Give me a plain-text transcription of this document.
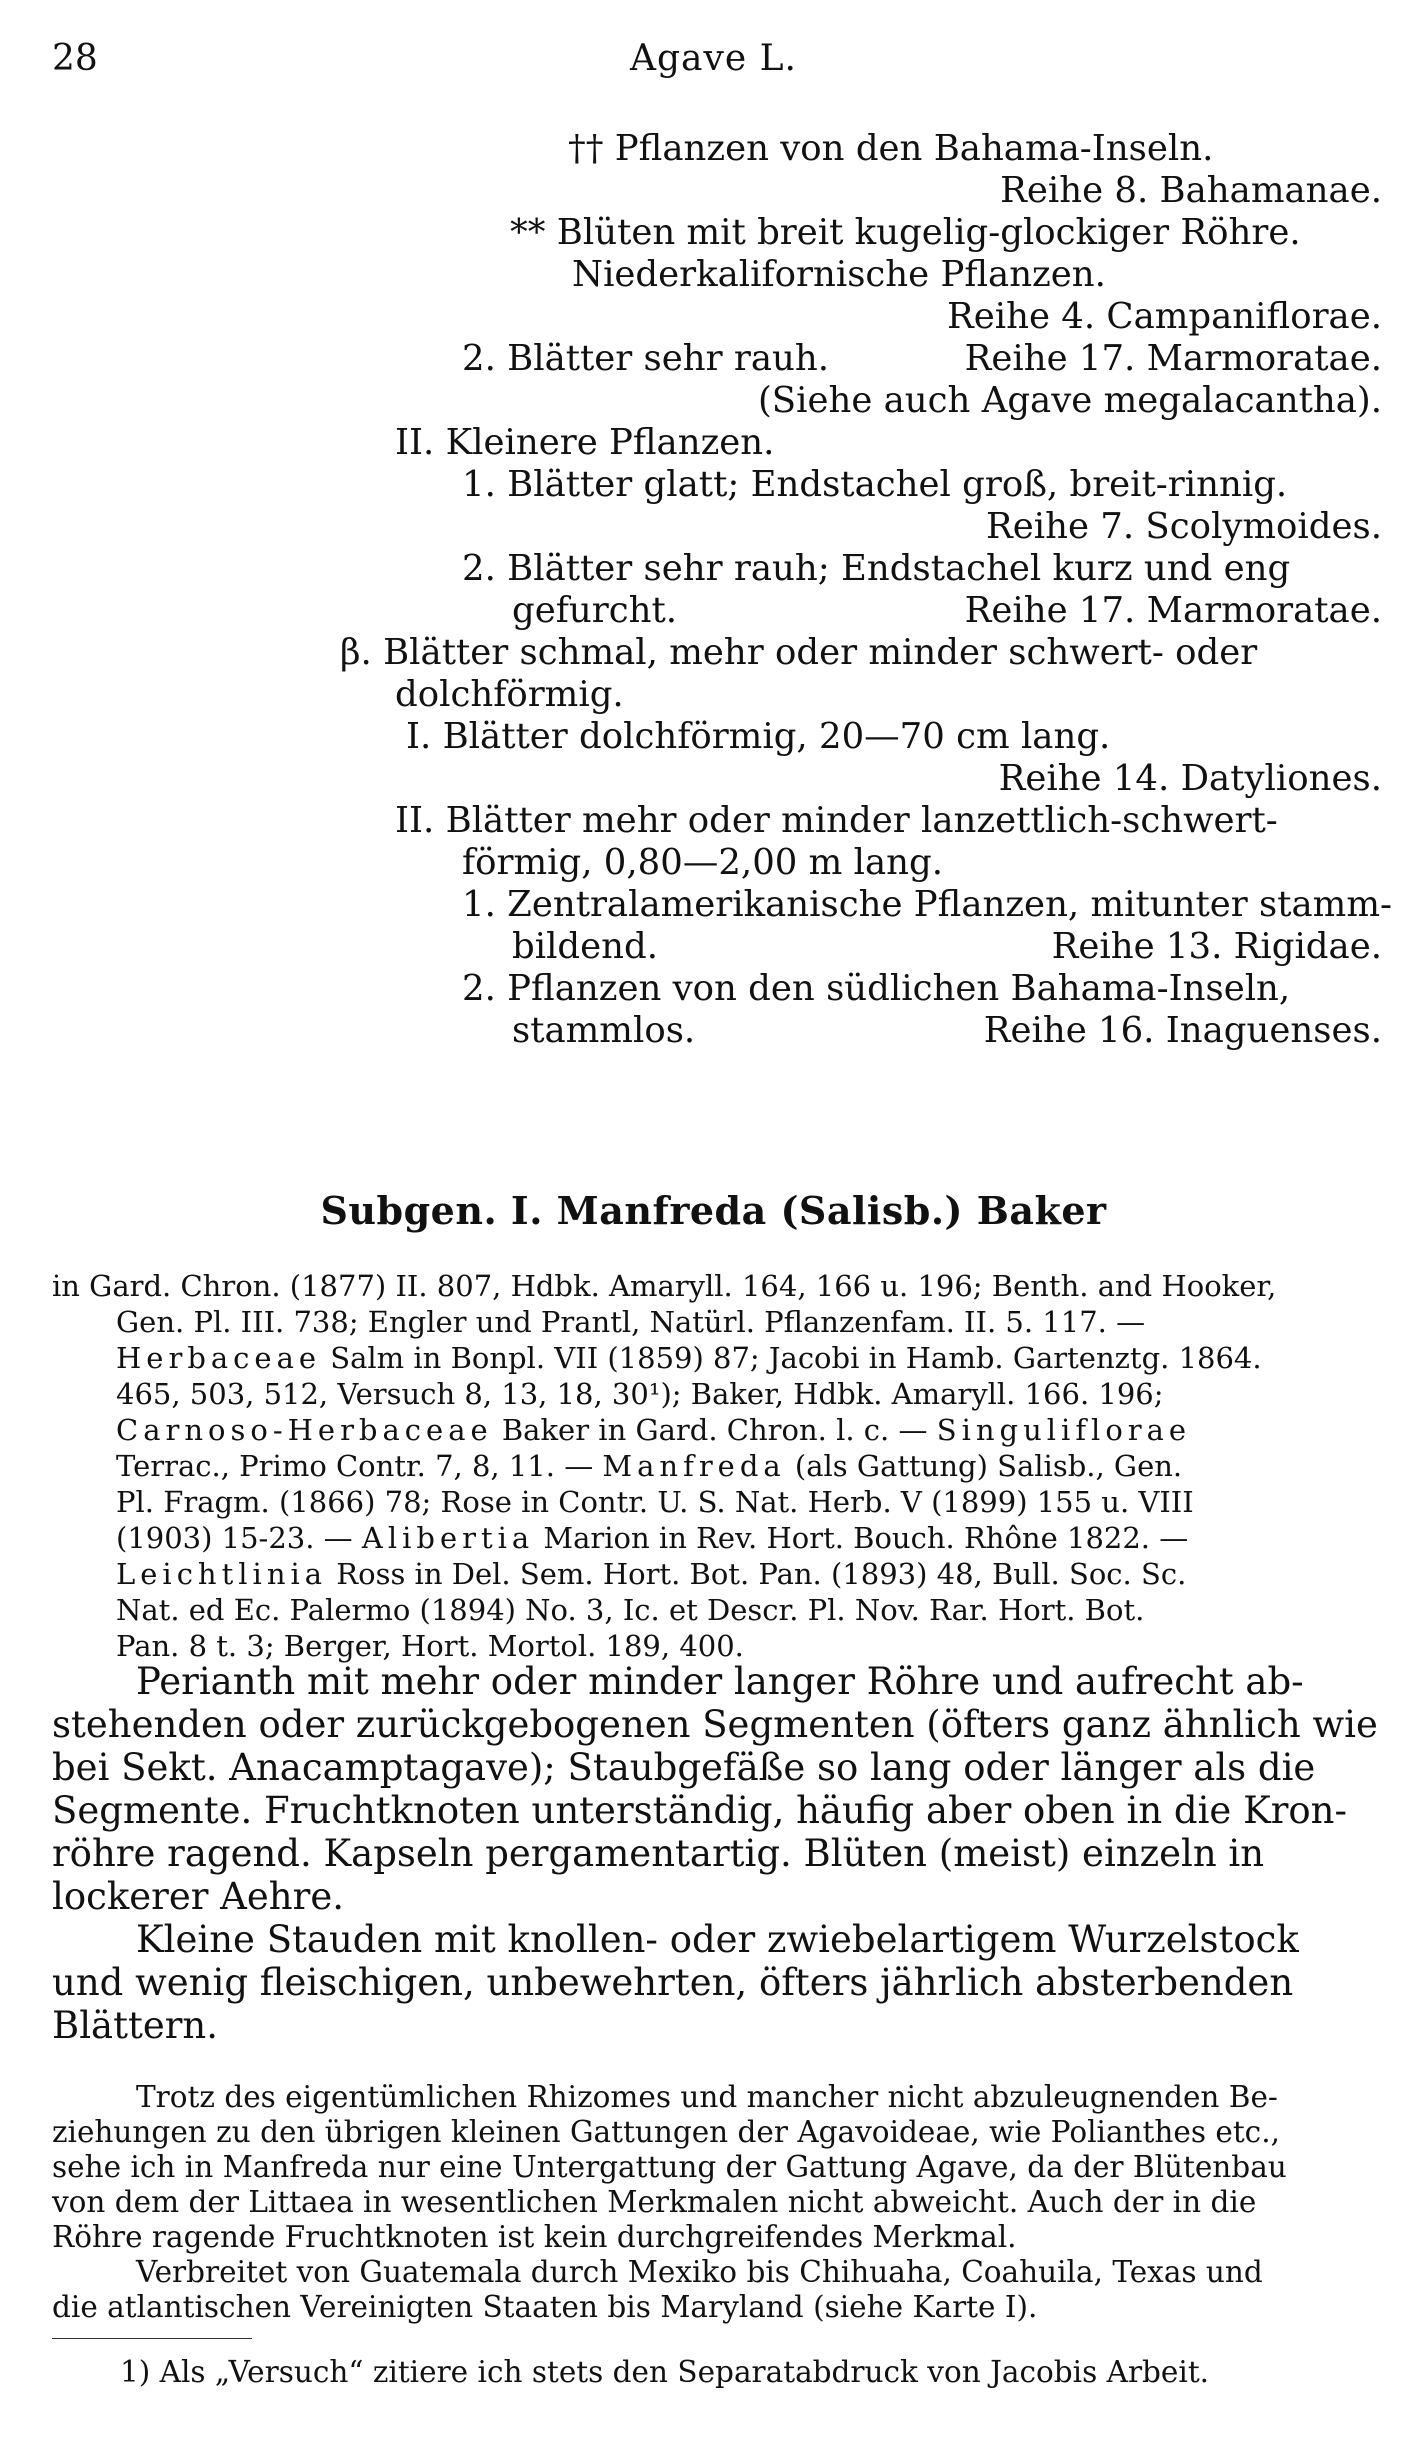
28	Agave L.
†† Pflanzen von den Bahama-Inseln.
Reihe 8. Bahamanae.
** Blüten mit breit kugelig-glockiger Röhre.
Niederkalifornische Pflanzen.
Reihe 4. Campaniflorae.
2. Blätter sehr rauh.	Reihe 17. Marmoratae.
(Siehe auch Agave megalacantha).
II. Kleinere Pflanzen.
1. Blätter glatt; Endstachel groß, breit-rinnig.
Reihe 7. Scolymoides.
2. Blätter sehr rauh; Endstachel kurz und eng
gefurcht.	Reihe 17. Marmoratae.
β. Blätter schmal, mehr oder minder schwert- oder
dolchförmig.
I. Blätter dolchförmig, 20—70 cm lang.
Reihe 14. Datyliones.
II. Blätter mehr oder minder lanzettlich-schwert-
förmig, 0,80—2,00 m lang.
1. Zentralamerikanische Pflanzen, mitunter stamm-
bildend.	Reihe 13. Rigidae.
2. Pflanzen von den südlichen Bahama-Inseln,
stammlos.	Reihe 16. Inaguenses.
Subgen. I. Manfreda (Salisb.) Baker
in Gard. Chron. (1877) II. 807, Hdbk. Amaryll. 164, 166 u. 196; Benth. and Hooker,
Gen. Pl. III. 738; Engler und Prantl, Natürl. Pflanzenfam. II. 5. 117. —
Herbaceae Salm in Bonpl. VII (1859) 87; Jacobi in Hamb. Gartenztg. 1864.
465, 503, 512, Versuch 8, 13, 18, 30¹); Baker, Hdbk. Amaryll. 166. 196;
Carnoso-Herbaceae Baker in Gard. Chron. l. c. — Singuliflorae
Terrac., Primo Contr. 7, 8, 11. — Manfreda (als Gattung) Salisb., Gen.
Pl. Fragm. (1866) 78; Rose in Contr. U. S. Nat. Herb. V (1899) 155 u. VIII
(1903) 15-23. — Alibertia Marion in Rev. Hort. Bouch. Rhône 1822. —
Leichtlinia Ross in Del. Sem. Hort. Bot. Pan. (1893) 48, Bull. Soc. Sc.
Nat. ed Ec. Palermo (1894) No. 3, Ic. et Descr. Pl. Nov. Rar. Hort. Bot.
Pan. 8 t. 3; Berger, Hort. Mortol. 189, 400.
Perianth mit mehr oder minder langer Röhre und aufrecht ab-
stehenden oder zurückgebogenen Segmenten (öfters ganz ähnlich wie
bei Sekt. Anacamptagave); Staubgefäße so lang oder länger als die
Segmente. Fruchtknoten unterständig, häufig aber oben in die Kron-
röhre ragend. Kapseln pergamentartig. Blüten (meist) einzeln in
lockerer Aehre.
Kleine Stauden mit knollen- oder zwiebelartigem Wurzelstock
und wenig fleischigen, unbewehrten, öfters jährlich absterbenden
Blättern.
Trotz des eigentümlichen Rhizomes und mancher nicht abzuleugnenden Be-
ziehungen zu den übrigen kleinen Gattungen der Agavoideae, wie Polianthes etc.,
sehe ich in Manfreda nur eine Untergattung der Gattung Agave, da der Blütenbau
von dem der Littaea in wesentlichen Merkmalen nicht abweicht. Auch der in die
Röhre ragende Fruchtknoten ist kein durchgreifendes Merkmal.
Verbreitet von Guatemala durch Mexiko bis Chihuaha, Coahuila, Texas und
die atlantischen Vereinigten Staaten bis Maryland (siehe Karte I).
1) Als „Versuch“ zitiere ich stets den Separatabdruck von Jacobis Arbeit.
